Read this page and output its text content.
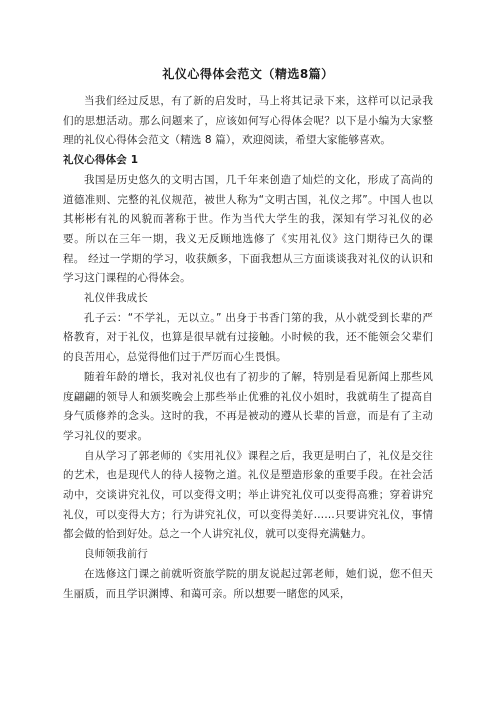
礼仪心得体会范文（精选8篇）

当我们经过反思，有了新的启发时，马上将其记录下来，这样可以记录我们的思想活动。那么问题来了，应该如何写心得体会呢？以下是小编为大家整理的礼仪心得体会范文（精选 8 篇），欢迎阅读，希望大家能够喜欢。

礼仪心得体会 1

我国是历史悠久的文明古国，几千年来创造了灿烂的文化，形成了高尚的道德准则、完整的礼仪规范，被世人称为“文明古国，礼仪之邦”。中国人也以其彬彬有礼的风貌而著称于世。作为当代大学生的我，深知有学习礼仪的必要。所以在三年一期，我义无反顾地选修了《实用礼仪》这门期待已久的课程。 经过一学期的学习，收获颇多，下面我想从三方面谈谈我对礼仪的认识和学习这门课程的心得体会。

礼仪伴我成长

孔子云：“不学礼，无以立。” 出身于书香门第的我，从小就受到长辈的严格教育，对于礼仪，也算是很早就有过接触。小时候的我，还不能领会父辈们的良苦用心，总觉得他们过于严厉而心生畏惧。

随着年龄的增长，我对礼仪也有了初步的了解，特别是看见新闻上那些风度翩翩的领导人和颁奖晚会上那些举止优雅的礼仪小姐时，我就萌生了提高自身气质修养的念头。这时的我，不再是被动的遵从长辈的旨意，而是有了主动学习礼仪的要求。

自从学习了郭老师的《实用礼仪》课程之后，我更是明白了，礼仪是交往的艺术，也是现代人的待人接物之道。礼仪是塑造形象的重要手段。在社会活动中，交谈讲究礼仪，可以变得文明；举止讲究礼仪可以变得高雅；穿着讲究礼仪，可以变得大方；行为讲究礼仪，可以变得美好……只要讲究礼仪，事情都会做的恰到好处。总之一个人讲究礼仪，就可以变得充满魅力。

良师领我前行

在选修这门课之前就听资旅学院的朋友说起过郭老师，她们说，您不但天生丽质，而且学识渊博、和蔼可亲。所以想要一睹您的风采，
